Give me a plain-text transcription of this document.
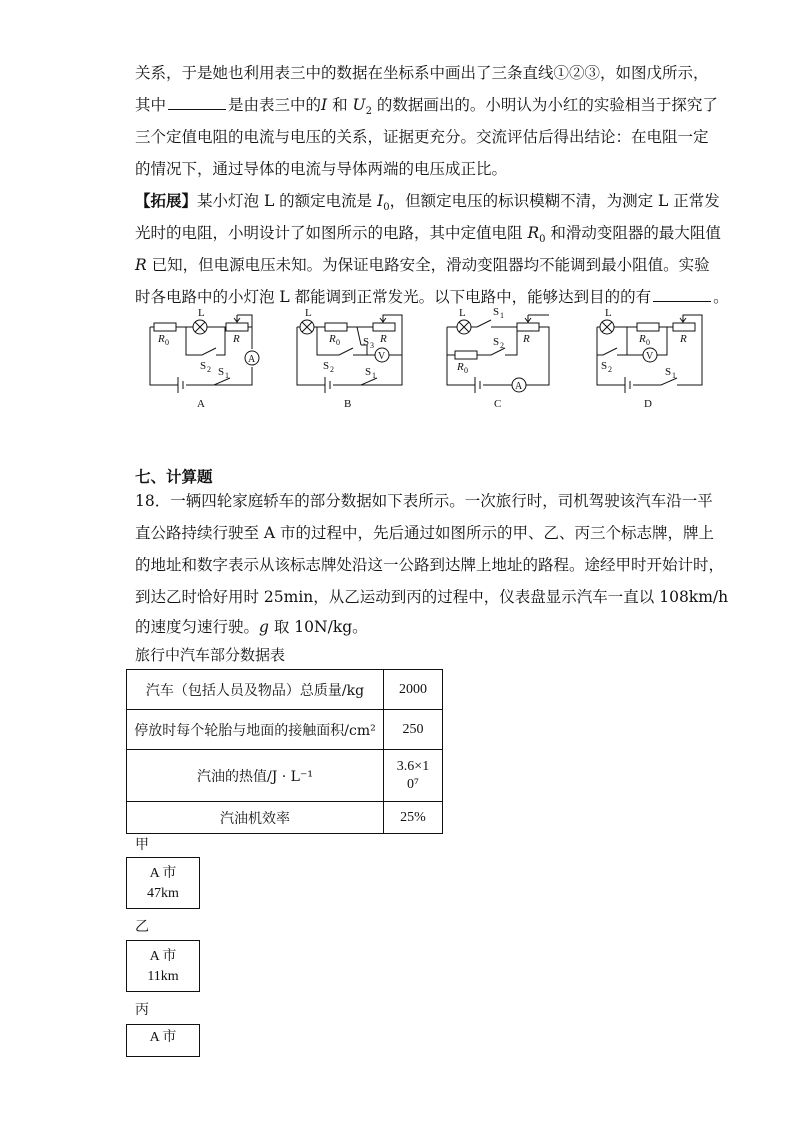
关系，于是她也利用表三中的数据在坐标系中画出了三条直线①②③，如图戊所示，
其中	是由表三中的I 和 $U_2$ 的数据画出的。小明认为小红的实验相当于探究了
三个定值电阻的电流与电压的关系，证据更充分。交流评估后得出结论：在电阻一定
的情况下，通过导体的电流与导体两端的电压成正比。
【拓展】某小灯泡 L 的额定电流是 $I_0$，但额定电压的标识模糊不清，为测定 L 正常发
光时的电阻，小明设计了如图所示的电路，其中定值电阻 $R_0$ 和滑动变阻器的最大阻值
R 已知，但电源电压未知。为保证电路安全，滑动变阻器均不能调到最小阻值。实验
时各电路中的小灯泡 L 都能调到正常发光。以下电路中，能够达到目的的有	。
R 0
L
R
A
S 2 S 1
A
L
R 0 S 3
R
V
S 2	S 1
B
L S 1
R
S 2
R 0
A
C
L
R 0	R
V
S 2	S 1
D
七、计算题
18．一辆四轮家庭轿车的部分数据如下表所示。一次旅行时，司机驾驶该汽车沿一平
直公路持续行驶至 A 市的过程中，先后通过如图所示的甲、乙、丙三个标志牌，牌上
的地址和数字表示从该标志牌处沿这一公路到达牌上地址的路程。途经甲时开始计时，
到达乙时恰好用时 25min，从乙运动到丙的过程中，仪表盘显示汽车一直以 108km/h
的速度匀速行驶。g 取 10N/kg。
旅行中汽车部分数据表
汽车（包括人员及物品）总质量/kg	2000
停放时每个轮胎与地面的接触面积/cm²	250
汽油的热值/J · L⁻¹	3.6×1
0⁷

汽油机效率	25%
甲
A 市
47km
乙
A 市
11km
丙
A 市
